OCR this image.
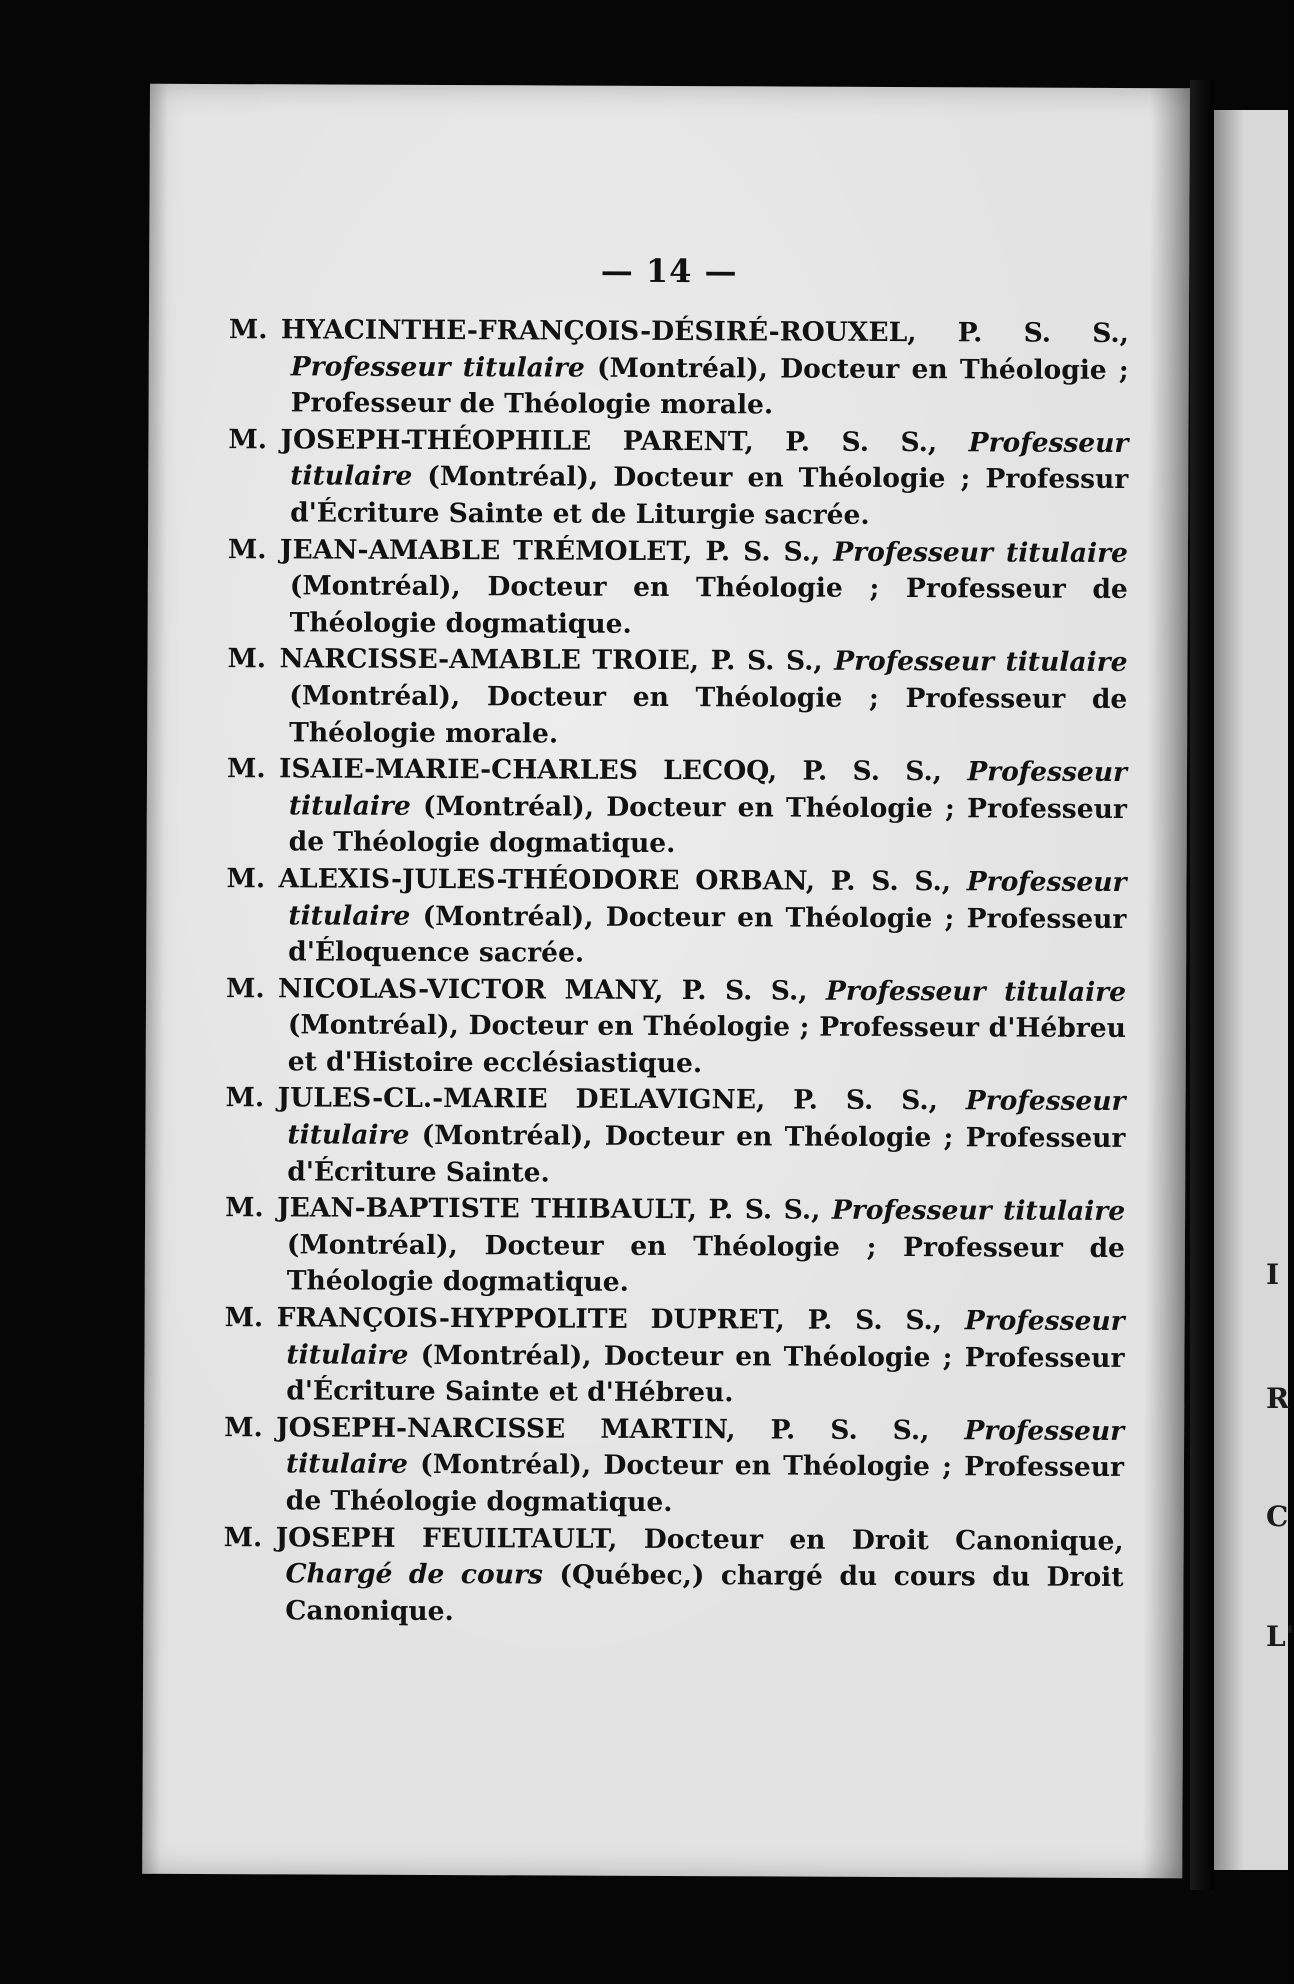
— 14 —
M. HYACINTHE-FRANÇOIS-DÉSIRÉ-ROUXEL, P. S. S., Professeur titulaire (Montréal), Docteur en Théologie ; Professeur de Théologie morale.
M. JOSEPH-THÉOPHILE PARENT, P. S. S., Professeur titulaire (Montréal), Docteur en Théologie ; Professur d'Écriture Sainte et de Liturgie sacrée.
M. JEAN-AMABLE TRÉMOLET, P. S. S., Professeur titulaire (Montréal), Docteur en Théologie ; Professeur de Théologie dogmatique.
M. NARCISSE-AMABLE TROIE, P. S. S., Professeur titulaire (Montréal), Docteur en Théologie ; Professeur de Théologie morale.
M. ISAIE-MARIE-CHARLES LECOQ, P. S. S., Professeur titulaire (Montréal), Docteur en Théologie ; Professeur de Théologie dogmatique.
M. ALEXIS-JULES-THÉODORE ORBAN, P. S. S., Professeur titulaire (Montréal), Docteur en Théologie ; Professeur d'Éloquence sacrée.
M. NICOLAS-VICTOR MANY, P. S. S., Professeur titulaire (Montréal), Docteur en Théologie ; Professeur d'Hébreu et d'Histoire ecclésiastique.
M. JULES-CL.-MARIE DELAVIGNE, P. S. S., Professeur titulaire (Montréal), Docteur en Théologie ; Professeur d'Écriture Sainte.
M. JEAN-BAPTISTE THIBAULT, P. S. S., Professeur titulaire (Montréal), Docteur en Théologie ; Professeur de Théologie dogmatique.
M. FRANÇOIS-HYPPOLITE DUPRET, P. S. S., Professeur titulaire (Montréal), Docteur en Théologie ; Professeur d'Écriture Sainte et d'Hébreu.
M. JOSEPH-NARCISSE MARTIN, P. S. S., Professeur titulaire (Montréal), Docteur en Théologie ; Professeur de Théologie dogmatique.
M. JOSEPH FEUILTAULT, Docteur en Droit Canonique, Chargé de cours (Québec,) chargé du cours du Droit Canonique.
I
R
C
L'
